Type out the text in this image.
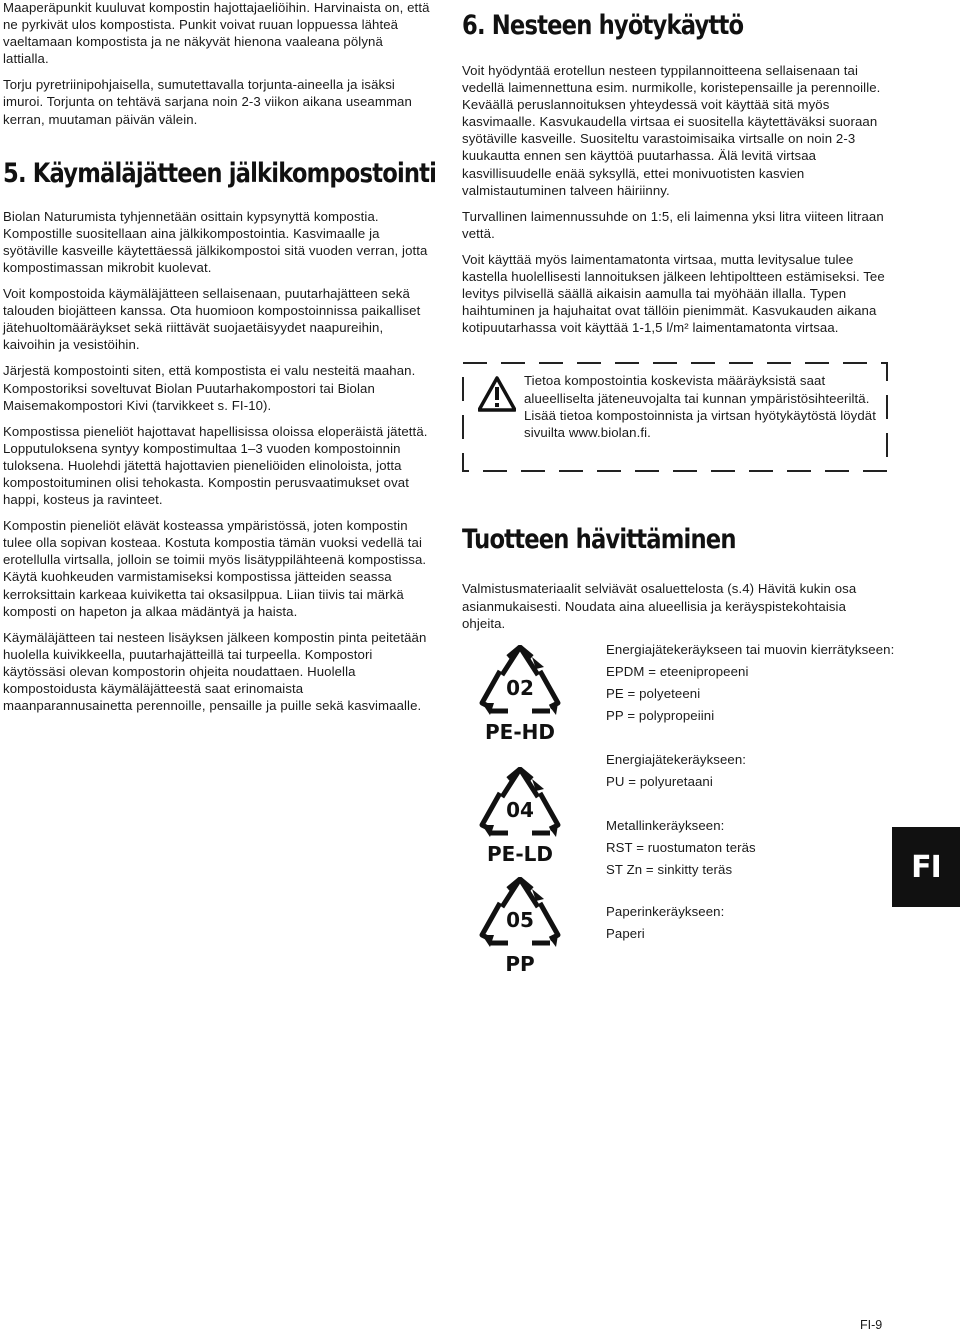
Maaperäpunkit kuuluvat kompostin hajottajaeliöihin. Harvinaista on, että ne pyrkivät ulos kompostista. Punkit voivat ruuan loppuessa lähteä vaeltamaan kompostista ja ne näkyvät hienona vaaleana pölynä lattialla.

Torju pyretriinipohjaisella, sumutettavalla torjunta-aineella ja isäksi imuroi. Torjunta on tehtävä sarjana noin 2-3 viikon aikana useamman kerran, muutaman päivän välein.

5. Käymäläjätteen jälkikompostointi

Biolan Naturumista tyhjennetään osittain kypsynyttä kompostia. Kompostille suositellaan aina jälkikompostointia. Kasvimaalle ja syötäville kasveille käytettäessä jälkikompostoi sitä vuoden verran, jotta kompostimassan mikrobit kuolevat.

Voit kompostoida käymäläjätteen sellaisenaan, puutarhajätteen sekä talouden biojätteen kanssa. Ota huomioon kompostoinnissa paikalliset jätehuoltomääräykset sekä riittävät suojaetäisyydet naapureihin, kaivoihin ja vesistöihin.

Järjestä kompostointi siten, että kompostista ei valu nesteitä maahan. Kompostoriksi soveltuvat Biolan Puutarhakompostori tai Biolan Maisemakompostori Kivi (tarvikkeet s. FI-10).

Kompostissa pieneliöt hajottavat hapellisissa oloissa eloperäistä jätettä. Lopputuloksena syntyy kompostimultaa 1–3 vuoden kompostoinnin tuloksena. Huolehdi jätettä hajottavien pieneliöiden elinoloista, jotta kompostoituminen olisi tehokasta. Kompostin perusvaatimukset ovat happi, kosteus ja ravinteet.

Kompostin pieneliöt elävät kosteassa ympäristössä, joten kompostin tulee olla sopivan kosteaa. Kostuta kompostia tämän vuoksi vedellä tai erotellulla virtsalla, jolloin se toimii myös lisätyppilähteenä kompostissa. Käytä kuohkeuden varmistamiseksi kompostissa jätteiden seassa kerroksittain karkeaa kuiviketta tai oksasilppua. Liian tiivis tai märkä komposti on hapeton ja alkaa mädäntyä ja haista.

Käymäläjätteen tai nesteen lisäyksen jälkeen kompostin pinta peitetään huolella kuivikkeella, puutarhajätteillä tai turpeella. Kompostori käytössäsi olevan kompostorin ohjeita noudattaen. Huolella kompostoidusta käymäläjätteestä saat erinomaista maanparannusainetta perennoille, pensaille ja puille sekä kasvimaalle.

6. Nesteen hyötykäyttö

Voit hyödyntää erotellun nesteen typpilannoitteena sellaisenaan tai vedellä laimennettuna esim. nurmikolle, koristepensaille ja perennoille. Keväällä peruslannoituksen yhteydessä voit käyttää sitä myös kasvimaalle. Kasvukaudella virtsaa ei suositella käytettäväksi suoraan syötäville kasveille. Suositeltu varastoimisaika virtsalle on noin 2-3 kuukautta ennen sen käyttöä puutarhassa. Älä levitä virtsaa kasvillisuudelle enää syksyllä, ettei monivuotisten kasvien valmistautuminen talveen häiriinny.

Turvallinen laimennussuhde on 1:5, eli laimenna yksi litra viiteen litraan vettä.

Voit käyttää myös laimentamatonta virtsaa, mutta levitysalue tulee kastella huolellisesti lannoituksen jälkeen lehtipoltteen estämiseksi. Tee levitys pilvisellä säällä aikaisin aamulla tai myöhään illalla. Typen haihtuminen ja hajuhaitat ovat tällöin pienimmät. Kasvukauden aikana kotipuutarhassa voit käyttää 1-1,5 l/m² laimentamatonta virtsaa.

Tietoa kompostointia koskevista määräyksistä saat alueelliselta jäteneuvojalta tai kunnan ympäristösihteeriltä.

Lisää tietoa kompostoinnista ja virtsan hyötykäytöstä löydät sivuilta www.biolan.fi.

Tuotteen hävittäminen

Valmistusmateriaalit selviävät osaluettelosta (s.4) Hävitä kukin osa asianmukaisesti. Noudata aina alueellisia ja keräyspistekohtaisia ohjeita.

02
PE-HD
04
PE-LD
05
PP

Energiajätekeräykseen tai muovin kierrätykseen:

EPDM = eteenipropeeni

PE = polyeteeni

PP = polypropeiini

Energiajätekeräykseen:

PU = polyuretaani

Metallinkeräykseen:

RST = ruostumaton teräs

ST Zn = sinkitty teräs

Paperinkeräykseen:

Paperi

FI
FI-9
